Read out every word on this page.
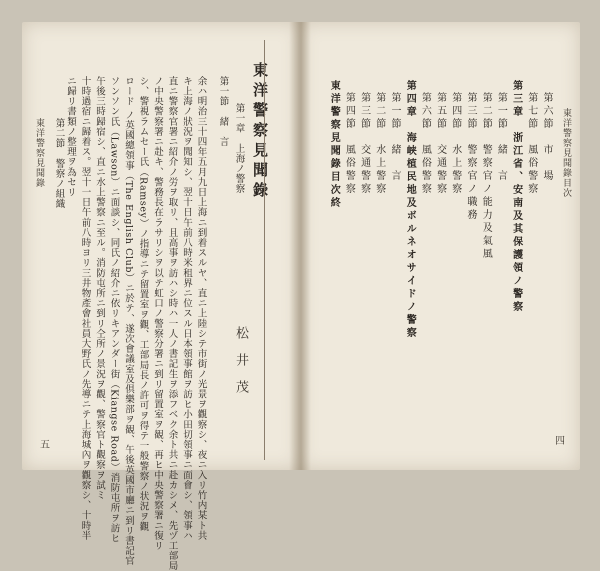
東洋警察見聞錄 第二節　警察ノ組織	余ハ明治三十四年五月九日上海ニ到着スルヤ、直ニ上陸シテ市街ノ光景ヲ觀察シ、夜ニ入リ竹内某ト共
キ上海ノ狀況ヲ聞知シ、翌十日午前八時米租界ニ位スル日本領事館ヲ訪ヒ小田切領事ニ面會シ、領事ハ
直ニ警察官署ニ紹介ノ労ヲ取リ、且高事ヲ訪ハシ時ハ一人ノ書記生ヲ添フベク余ト共ニ赴カシメ、先ヅ工部局
ノ中央警察署ニ赴キ、警務長在ラサリシヲ以テ虹口ノ警察分署ニ到リ留置室ヲ観、再ヒ中央警察署ニ復リ
シ、警視ラムセー氏（Ramsey）ノ指導ニテ留置室ヲ觀、工部局長ノ許可ヲ得テ一般警察ノ状況ヲ觀
ロード ノ英國總領事（The English Club）ニ於テ、遂次會議室及倶樂部ヲ観、午後英國市廳ニ到リ書記官
ソンソン氏（Lawson）ニ面談シ、同氏ノ紹介ニ依リキアンダー街（Kiangse Road）消防屯所ヲ訪ヒ
午後三時歸宿シ、直ニ水上警察ニ至ル。消防屯所ニ到リ仝所ノ景況ヲ觀、警察官ト觀察ヲ試ミ
十時過宿ニ歸着ス。翌十一日午前八時ヨリ三井物產會社員大野氏ノ先導ニテ上海城內ヲ觀察シ、十時半
ニ歸リ書類ノ整理ヲ為セリ	第一節　緒　言 第一章　上海ノ警察 東洋警察見聞錄
松井茂
五
第六節　市　場
第七節　風俗警察
第三章　浙江省、安南及其保護領ノ警察
第一節　緒　言
第二節　警察官ノ能力及氣風
第三節　警察官ノ職務
第四節　水上警察
第五節　交通警察
第六節　風俗警察
第四章　海峡植民地及ボルネオサイドノ警察
第一節　緒　言
第二節　水上警察
第三節　交通警察
第四節　風俗警察
東洋警察見聞錄目次終	東洋警察見聞錄目次
四
